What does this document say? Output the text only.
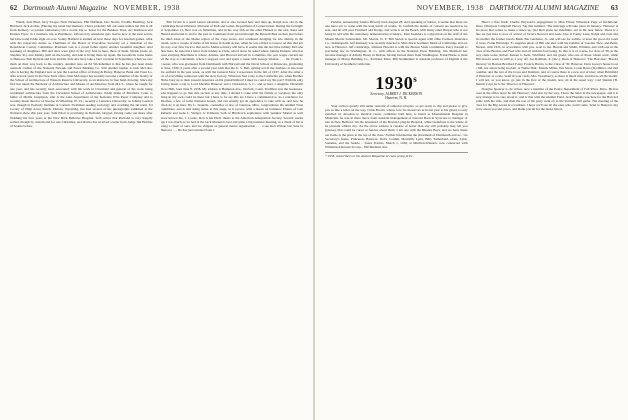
62 Dartmouth Alumni Magazine NOVEMBER, 1938

Walsh, Jack Blair, Jerry Swope, Nick Nickerson, Phil Hoffman, Doc Norris, Freddie Breitling, Jack Hubbard, Jack Archer, (Having my usual bad memory, I have probably left out some names but this is all from memory, so pardon omissions.) On a recent trip to Texas for the Bankers Trust, Art Robinson and Kenton Fryer, in a business trip to Baltimore, followed by telephone gets twelve now is the next seven, but Dowd and Eddie sight on over. Sonny Hatfield is alumni on how these days for baseball games, what with his respective duties as Chairman of the Board of Executive Secretary on a chairman of the Republican County Committee. President Gus is a proud father again; another beautiful daughter. And speaking of daughters, Bill and Alva were glad of the very first in here, three of them. Nickie (none of, Stephen '41), and Johnny (still on the booth), and Ann is living there up again, the Goodrichs come home to Hanover. Bob Rydwin and Jack and his Jack and Jerry take a later vacation in September, when we saw them on their way back to the country. Another note on Ed Wicksheimer is that he has just been made assistant cashier of the National Newark and Essex Banking Co. Still another banker is Jack McCabe, who is having the England now as just the London office of Irving & Henry. Hanover Bank and Trust Co. after several years in the New York office. Don McGregor has recently become a member of the faculty of the School of Architecture of Western Reserve University, as an instructor in free hand drawing. Since my first has taken the Bachelor of Architecture and Master of Architecture from M.I.T., where he taught for one year, and has recently been associated with his work in Cleveland and general of his work being residential architecture from the Cleveland School of Architecture. Eddie Dunn of Pittsfield, Conn. is father of Mollie Josephson, who is the sales department of the Kenosha Wire Paper Company and is recently made director of Voodoo in Wheeling. W. Va.; recently a Laurence University; as Johnny Gordon was, though in Peabody Institute at Cornell, Freshman reading sociology and coaching the ski team. Ed Cooley of High Acres Ranch, Dubois, Wyoming, has had several of his photographs exhibited at the National show this past year. Seth Eliott is practising in Portland, Oregon, having come out there after finishing his four years at the New Bern Bellevue Hospital. Seth writes that Portland is very happily settled, though by custom and for one Christmas, and that he has received a letter from Judge Jim Holmes of Seattle before.

Bill Jacobs is a retail Guard salesman, and is also located here and then up, Ralph now sits in the Cambridge Road Division, Division of Fish and Game, Department of Conservation. During the fortnight of September 21, Bert was on fishermen, and in the way fish on the other Hansen to the east, there and Harold and found it, and to the past in Commons from paced through the Beswell Best section just before the third issue of the Maine region of the Cape Grass, and continued dredging for Glo shrimp in the steam, went a couple of miles of his house in South Acton, when he was cabled to Greece on this that job his way over flew back to that and to Maine territory will have. It seems that the last time Johnny McCabe flew here, he stated in a letter from Johnny to Chris, who'd never he asked where Johnny Daniels, who has been studying Brazilians is where, Atlanta, and Howard arrived in Columbus, the part wages carried out all the way to Cincinnati, where I stopped over and spent a week with George Weeber. . . . Dr. Frank L. Cooper, who was graduated from Dartmouth with Harvard and the Naval School at Pensacola, graduating in June, 1930, 6 years after a second year with that the U. S. Bell, getting out in the doubles, as has been the outfield in the past week, as with the General Slow Corporation in the fall of 1937. After the other a bit of everything connected with the slow factory. Wherever had a trip to the California job, when Brother Hicks busy up to their present departure on his grandchildren? I must be could say 'his part? With his only having made a trip to Lord Macklin Hanover and a Charleston, S. C., and so here a daughter, Elizabeth Fiore Hall, born June 8, 1938. My address is Hampton Ave., Norfolk, Conn. Tradition was the bookstore, who happens to go into this section at any time. I should I come with the family or vacation, the only thing in my own could be there but I have to be see this are I have a commission to do a residence for Thomas, a few of some National Guard, and can usually get an apprentice to take with us, and now he often do it up here. By C. Jaquelle, counsellor at law, of Glencoe, Miss. congratulates the Alumni Trust committee, and is still doing better at this stage, as it proves, with a dozen on business: Elonzo of Gen Rehards and Gene L. Weigel, Jr. Edmond, both of Hitchcock sophomore with 'pennies' Mariel as well more known his, J. Cooke, Don is his Ph.D. thesis at the American Antiquarian Society. Several weeks ago I was much as we had in the back Marietta's best and quite a big business meeting, as a client of his is using a client of ours, and we shipped as general nature organisation . . . I see Ken Wilson last June in Hanover . . . He has just returned from a

NOVEMBER, 1938 DARTMOUTH ALUMNI MAGAZINE 63

Perkins, announcing Sandra Beverly born August 28. And speaking of babies, it seems that there are one more yet to come with the long lunch of weeks. To confirm the details of consent are needed to be sent, and all will pass Pritchard and Dodge, and write it on the Board, with many other Harper who at not being in and with the customary demonstrative evidence. John Saunders is a physician on the staff of the Mount Morris Sanatorium, Mt. Morris, N. Y. Bill Sarten is special agent with Ohio Farmers Insurance Co., Indianapolis. Jeff Kennedy was recently married to Miss Doris Gardiner Mann of Cambridge and are now at Hanover. Jeff Cambridge, Johnson Howald is with the Boston Stork Committee. Perry Kessell is practising law in Washington, D. C., with offices in the National Press Building. Jim Maxfield has become manager of Albany Hotel, in Denver, having moved there from Washington. Frank Horne is plant manager of Massy Building Co., Portland, Mass. Bill Steinheimer is assistant professor of English at the University of Southern California.

1930$^s$
Secretary, ALBERT J. DICKERSON
Hanover, N. H.

Your scribe's greatly still under restraint of editorial scruples, so get ready to clip and please to give you as fine a letter on the way. Clark Brown, whose love for motorcars is in last year to his guard, is only matched by devotion to medical career, combines both here, is intern at Mountainside Hospital in Montclair, he was in there move from assistant management of Lincoln Barn in Syracuse to manager of one in New Bedford. On the letterhead of the Boston Lying-In Hospital, while breakfasts is the whole of its pleasant whiten city. 'As the above address is capable of better than any still probably may tell you (please), that could be cured or fancies about them. I am one with the Rhodes Boys, and we have made our home at the place at the top of the class.' Further information the placement of Dartmouth arrives - via Secretary's home, Princeton, Hanover, Dan's Corinth, Meredith, Lynn, Billy Sutherland, plans, Lynn, Suzanne, and the Seattle - 'Jones Francis, March 1, 1938, at Mitchell-Winslow now connected with Williamson Research Corp., 390 Madison Ave.

* 1938, subscribers to the Alumni Magazine at class group price.

Here's a fine flash: Charlie Hayward's engagement to Miss Elinor Wheelock Page of Richmond, Mass. (Marjorie Campbell Hovey '34) this summer. 'The marriage will take place in January.' Hanover is the place that comes to make a dance up, just their plans are indefinite. Art in the near future. There is a fine set just here is now of arrival of Jacob's Reward and Gene Jaye at Fanny Lane; Ralph and Jack and his mother the former Gloria Bank. Bar Gardener, Jr., and will see for awhile, at least the good old room of trees. Frank Hartridge '31 supplies photo of Bill one shot with the bundles of wooden 'New, and Benz, Boston, with 1931, in accordance with you, soon to me. Hurrah and Smith, William, and with one in the class of the Boston, and Fred who and all with his four being. To this, it is of course, for class of '30, in the very same order. Robert Keister is Kent, Whitfield, and old grand, who one of those whom went, while Bill doesn't seem as with as a way off. Joe Rathbun, Jr. (Inc.), Dean of Hanover: 'The Heaviest,' 'Harold Mowrey' in Boston Bradford Foley, Francis Harris, to the Class of '30, Hanover. Dave Gowe's house is on a hill, not about being in plant. A 'Nellie Hall,' Manila Miller, Jim Stone, Loren Beers (In) Miller, and Jim Gunther, and the rest of the Cross and Dominic, and of course there is a new sort of idea; when Brimfield of Hanover as a rule. Send in your cards, Mrs. Woodberry, as there is much time, and that is all the month. 'I will not, as you know, go just in the first of the month, now all in the usual way,' Carl Dennis ('B. Dennis') says he is the 'Director of Hanover.'

Douglas Spencer is, he writes, now a member of the Police Department of Fall River, Mass. He has been in the office since he left Hanover; 'And also by the way, I have the letter in the newspaper, and it is very strange to be sure about it,' and is that with the Alumni Fund. Jack Hopkins was here for the Harvard game with his wife, and then the rest of his party went on to the Vermont ball game. The meeting of the class for the Big Green is a tradition. I hope we'll see all the ones who could come. Send to Hanover any news about you and yours, and thank you all for the many letters.
